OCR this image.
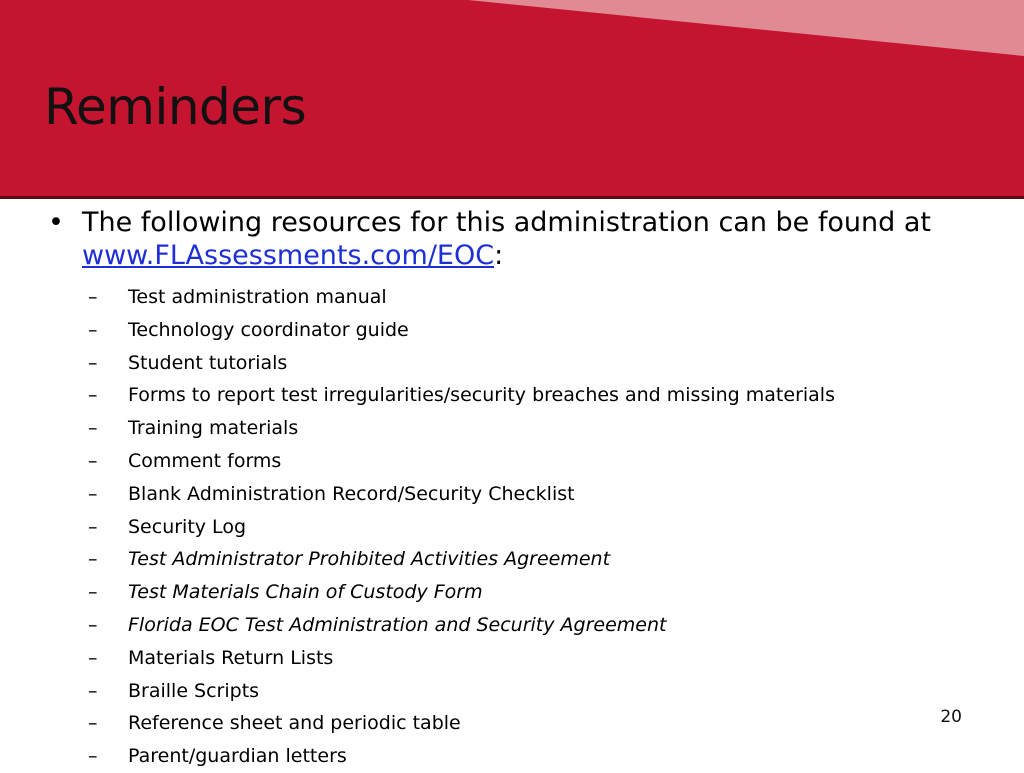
Reminders
• The following resources for this administration can be found at www.FLAssessments.com/EOC:
– Test administration manual
– Technology coordinator guide
– Student tutorials
– Forms to report test irregularities/security breaches and missing materials
– Training materials
– Comment forms
– Blank Administration Record/Security Checklist
– Security Log
– Test Administrator Prohibited Activities Agreement
– Test Materials Chain of Custody Form
– Florida EOC Test Administration and Security Agreement
– Materials Return Lists
– Braille Scripts
– Reference sheet and periodic table
– Parent/guardian letters
20
